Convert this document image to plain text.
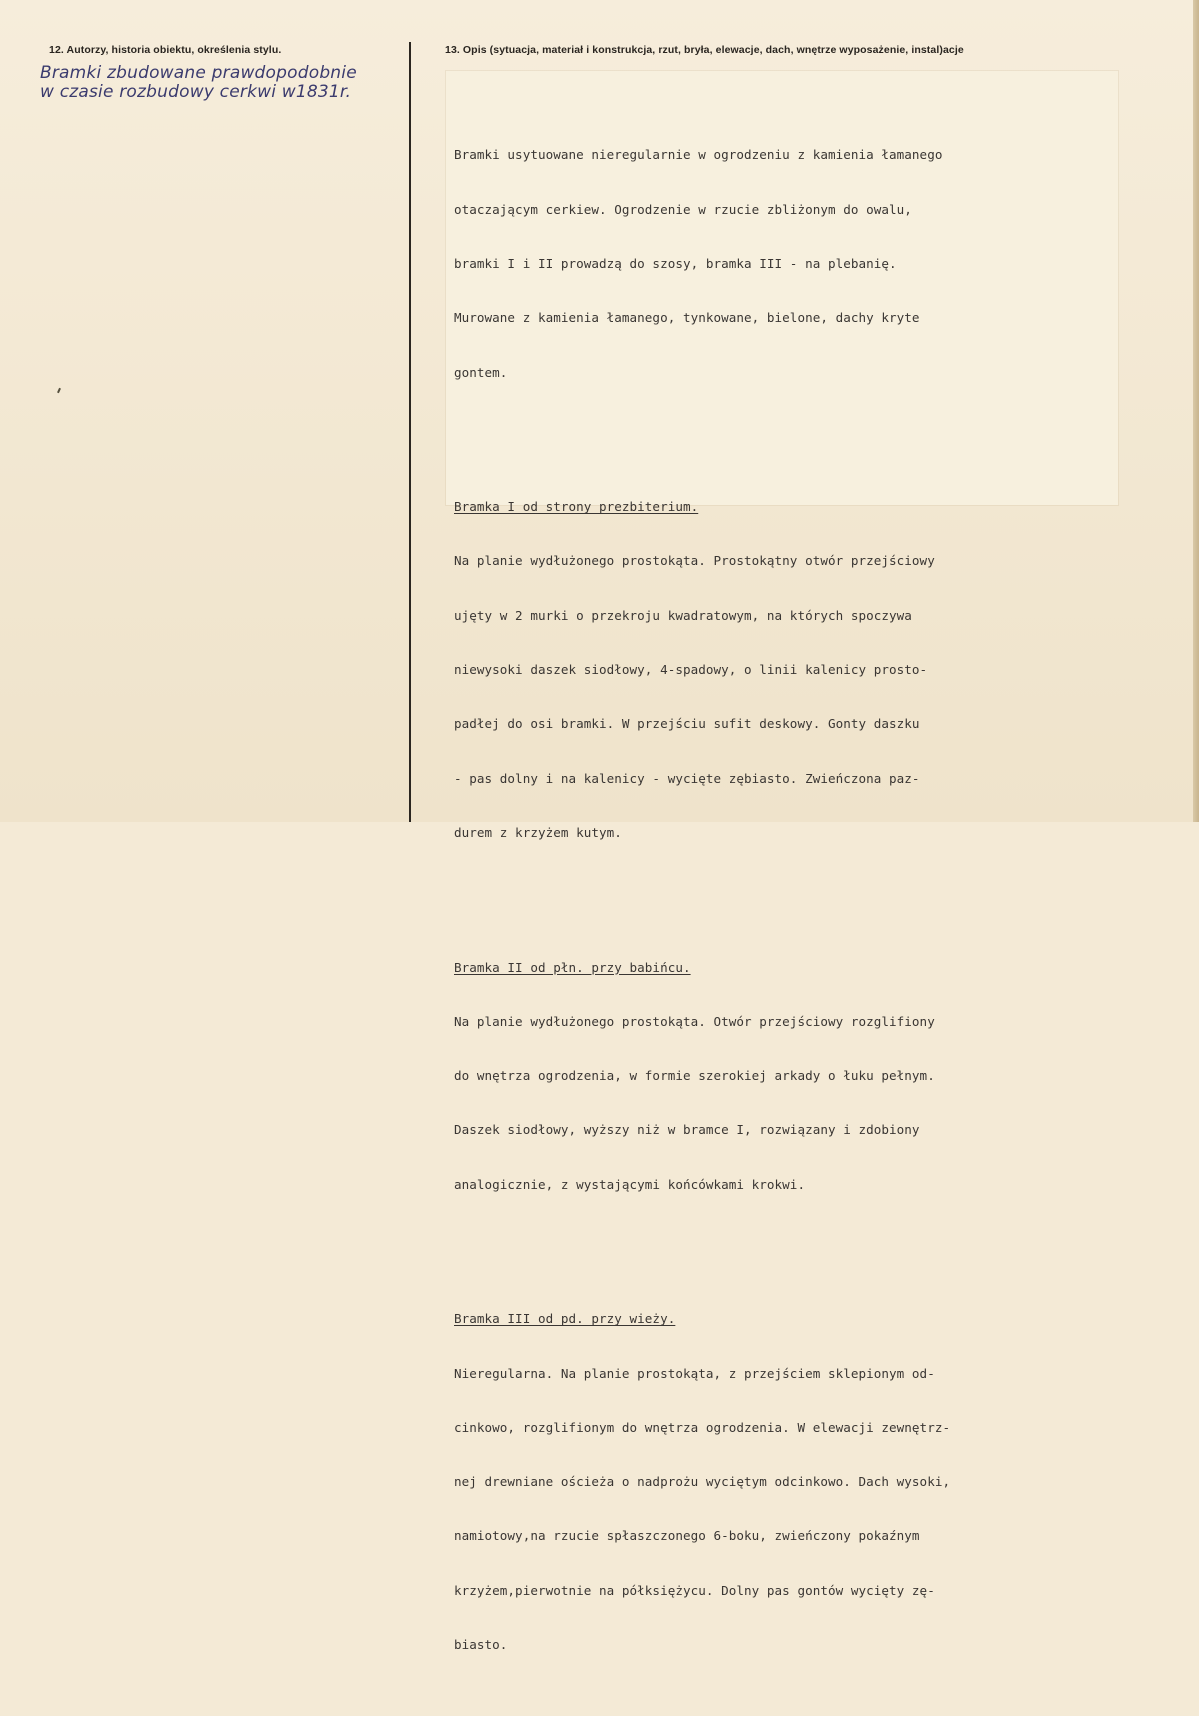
12. Autorzy, historia obiektu, określenia stylu.	13. Opis (sytuacja, materiał i konstrukcja, rzut, bryła, elewacje, dach, wnętrze wyposażenie, instal)acje
Bramki zbudowane prawdopodobnie
w czasie rozbudowy cerkwi w1831r.

Bramki usytuowane nieregularnie w ogrodzeniu z kamienia łamanego

otaczającym cerkiew. Ogrodzenie w rzucie zbliżonym do owalu,

bramki I i II prowadzą do szosy, bramka III - na plebanię.

Murowane z kamienia łamanego, tynkowane, bielone, dachy kryte

gontem.

Bramka I od strony prezbiterium.

Na planie wydłużonego prostokąta. Prostokątny otwór przejściowy

ujęty w 2 murki o przekroju kwadratowym, na których spoczywa

niewysoki daszek siodłowy, 4-spadowy, o linii kalenicy prosto-

padłej do osi bramki. W przejściu sufit deskowy. Gonty daszku

- pas dolny i na kalenicy - wycięte zębiasto. Zwieńczona paz-

durem z krzyżem kutym.

Bramka II od płn. przy babińcu.

Na planie wydłużonego prostokąta. Otwór przejściowy rozglifiony

do wnętrza ogrodzenia, w formie szerokiej arkady o łuku pełnym.

Daszek siodłowy, wyższy niż w bramce I, rozwiązany i zdobiony

analogicznie, z wystającymi końcówkami krokwi.

Bramka III od pd. przy wieży.

Nieregularna. Na planie prostokąta, z przejściem sklepionym od-

cinkowo, rozglifionym do wnętrza ogrodzenia. W elewacji zewnętrz-

nej drewniane ościeża o nadprożu wyciętym odcinkowo. Dach wysoki,

namiotowy,na rzucie spłaszczonego 6-boku, zwieńczony pokaźnym

krzyżem,pierwotnie na półksiężycu. Dolny pas gontów wycięty zę-

biasto.
